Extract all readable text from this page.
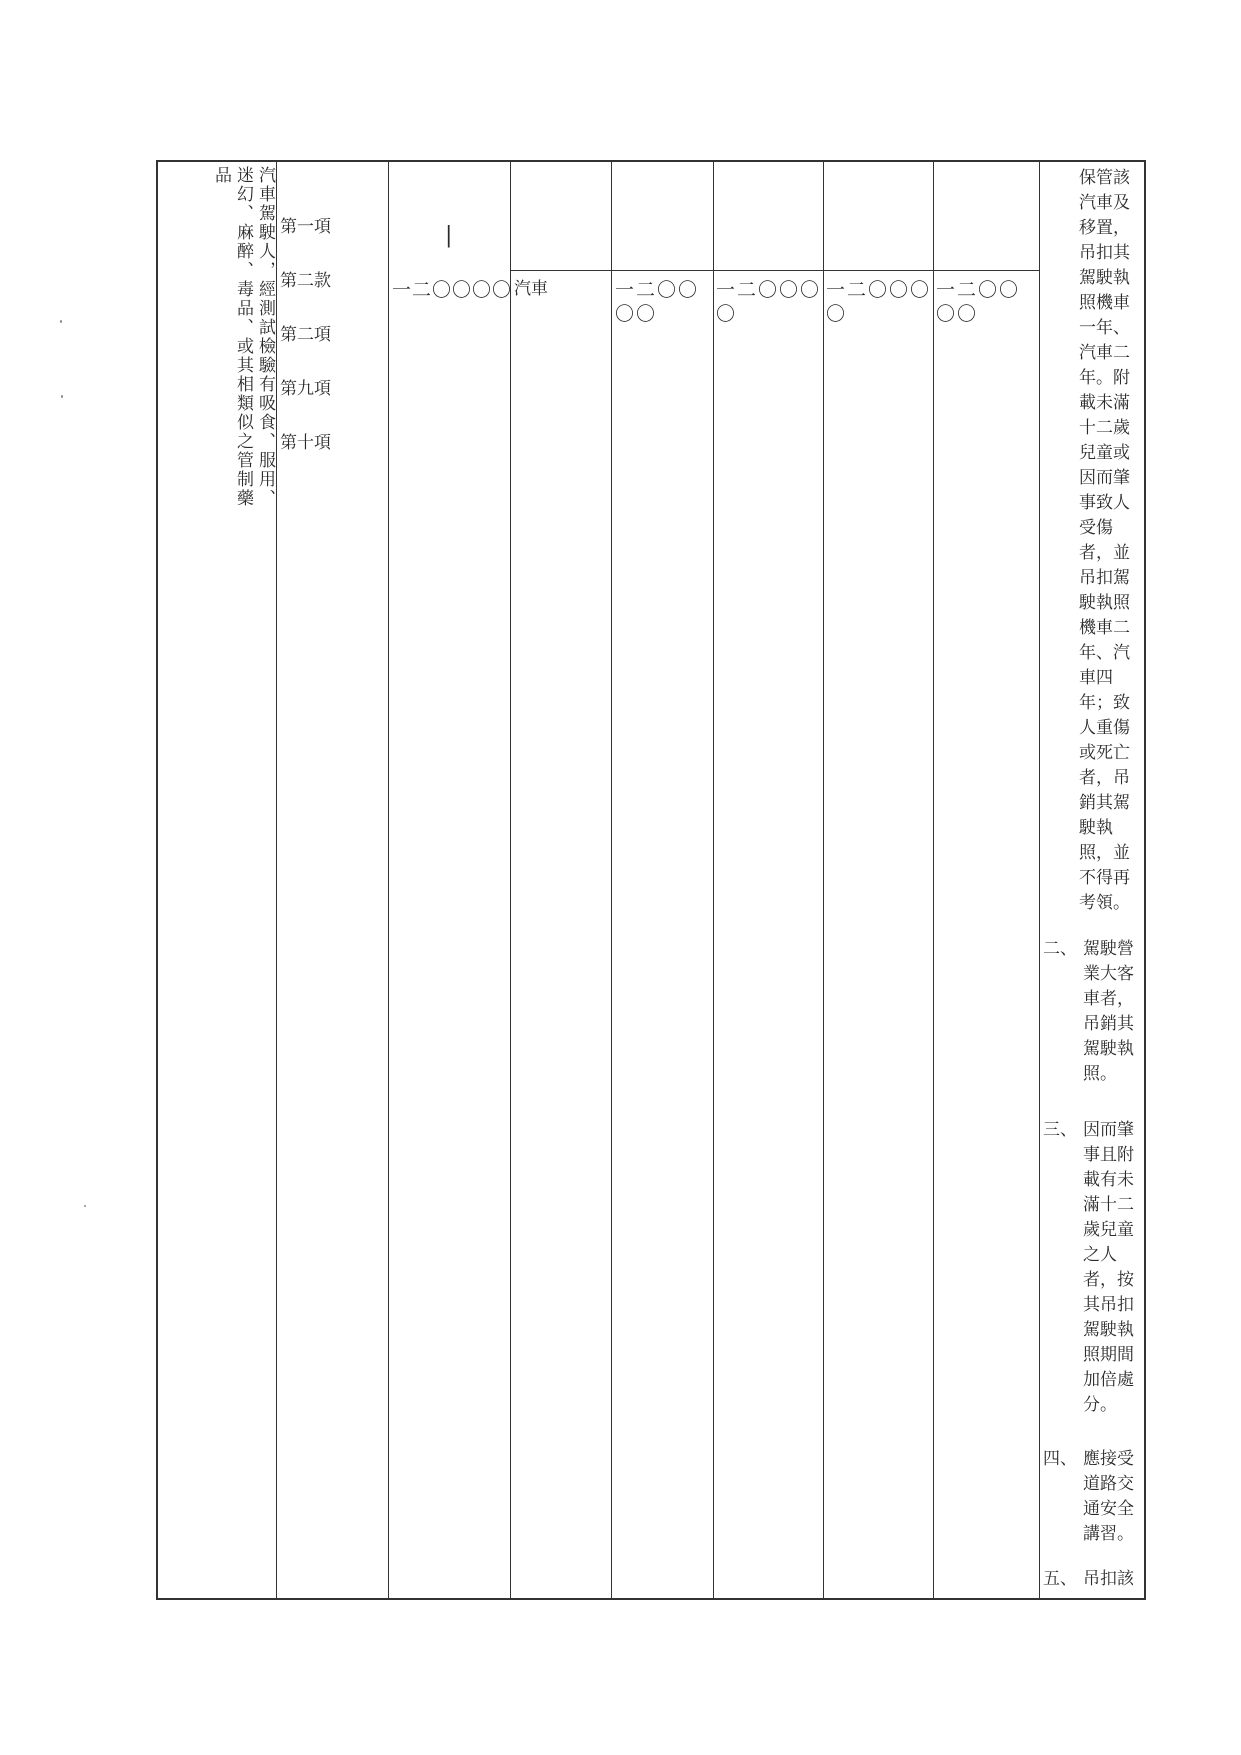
汽車駕駛人，經測試檢驗有吸食、服用、迷幻、麻醉、毒品、或其相類似之管制藥品
第一項
第二款
第二項
第九項
第十項
|
一二〇〇〇〇 汽車	一二〇〇〇〇
一二〇〇〇〇
一二〇〇〇〇
一二〇〇〇〇
保管該汽車及移置，吊扣其駕駛執照機車一年、汽車二年。附載未滿十二歲兒童或因而肇事致人受傷者，並吊扣駕駛執照機車二年、汽車四年；致人重傷或死亡者，吊銷其駕駛執照，並不得再考領。
二、 駕駛營業大客車者，吊銷其駕駛執照。
三、 因而肇事且附載有未滿十二歲兒童之人者，按其吊扣駕駛執照期間加倍處分。
四、 應接受道路交通安全講習。
五、 吊扣該
